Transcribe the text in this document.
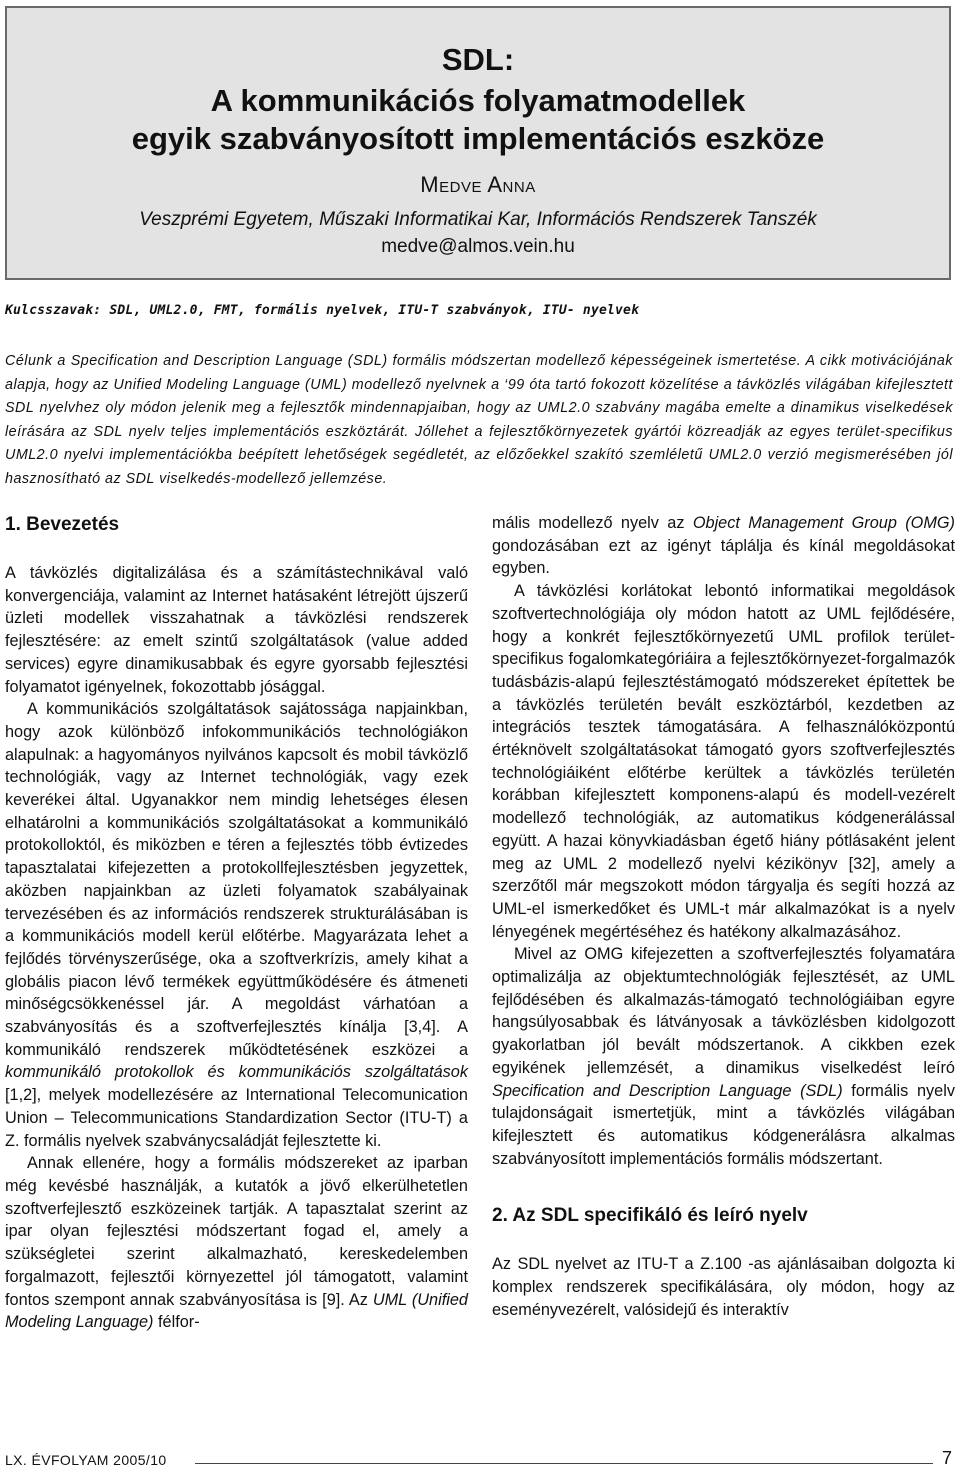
SDL:
A kommunikációs folyamatmodellek
egyik szabványosított implementációs eszköze
Medve Anna
Veszprémi Egyetem, Műszaki Informatikai Kar, Információs Rendszerek Tanszék
medve@almos.vein.hu
Kulcsszavak: SDL, UML2.0, FMT, formális nyelvek, ITU-T szabványok, ITU- nyelvek
Célunk a Specification and Description Language (SDL) formális módszertan modellező képességeinek ismertetése. A cikk motivációjának alapja, hogy az Unified Modeling Language (UML) modellező nyelvnek a ‘99 óta tartó fokozott közelítése a távközlés világában kifejlesztett SDL nyelvhez oly módon jelenik meg a fejlesztők mindennapjaiban, hogy az UML2.0 szabvány magába emelte a dinamikus viselkedések leírására az SDL nyelv teljes implementációs eszköztárát. Jóllehet a fejlesztőkörnyezetek gyártói közreadják az egyes terület-specifikus UML2.0 nyelvi implementációkba beépített lehetőségek segédletét, az előzőekkel szakító szemléletű UML2.0 verzió megismerésében jól hasznosítható az SDL viselkedés-modellező jellemzése.
1. Bevezetés

A távközlés digitalizálása és a számítástechnikával való konvergenciája, valamint az Internet hatásaként létrejött újszerű üzleti modellek visszahatnak a távközlési rendszerek fejlesztésére: az emelt szintű szolgáltatások (value added services) egyre dinamikusabbak és egyre gyorsabb fejlesztési folyamatot igényelnek, fokozottabb jósággal.

A kommunikációs szolgáltatások sajátossága napjainkban, hogy azok különböző infokommunikációs technológiákon alapulnak: a hagyományos nyilvános kapcsolt és mobil távközlő technológiák, vagy az Internet technológiák, vagy ezek keverékei által. Ugyanakkor nem mindig lehetséges élesen elhatárolni a kommunikációs szolgáltatásokat a kommunikáló protokolloktól, és miközben e téren a fejlesztés több évtizedes tapasztalatai kifejezetten a protokollfejlesztésben jegyzettek, aközben napjainkban az üzleti folyamatok szabályainak tervezésében és az információs rendszerek strukturálásában is a kommunikációs modell kerül előtérbe. Magyarázata lehet a fejlődés törvényszerűsége, oka a szoftverkrízis, amely kihat a globális piacon lévő termékek együttműködésére és átmeneti minőségcsökkenéssel jár. A megoldást várhatóan a szabványosítás és a szoftverfejlesztés kínálja [3,4]. A kommunikáló rendszerek működtetésének eszközei a kommunikáló protokollok és kommunikációs szolgáltatások [1,2], melyek modellezésére az International Telecomunication Union – Telecommunications Standardization Sector (ITU-T) a Z. formális nyelvek szabványcsaládját fejlesztette ki.

Annak ellenére, hogy a formális módszereket az iparban még kevésbé használják, a kutatók a jövő elkerülhetetlen szoftverfejlesztő eszközeinek tartják. A tapasztalat szerint az ipar olyan fejlesztési módszertant fogad el, amely a szükségletei szerint alkalmazható, kereskedelemben forgalmazott, fejlesztői környezettel jól támogatott, valamint fontos szempont annak szabványosítása is [9]. Az UML (Unified Modeling Language) félfor-

mális modellező nyelv az Object Management Group (OMG) gondozásában ezt az igényt táplálja és kínál megoldásokat egyben.

A távközlési korlátokat lebontó informatikai megoldások szoftvertechnológiája oly módon hatott az UML fejlődésére, hogy a konkrét fejlesztőkörnyezetű UML profilok terület-specifikus fogalomkategóriáira a fejlesztőkörnyezet-forgalmazók tudásbázis-alapú fejlesztéstámogató módszereket építettek be a távközlés területén bevált eszköztárból, kezdetben az integrációs tesztek támogatására. A felhasználóközpontú értéknövelt szolgáltatásokat támogató gyors szoftverfejlesztés technológiáiként előtérbe kerültek a távközlés területén korábban kifejlesztett komponens-alapú és modell-vezérelt modellező technológiák, az automatikus kódgenerálással együtt. A hazai könyvkiadásban égető hiány pótlásaként jelent meg az UML 2 modellező nyelvi kézikönyv [32], amely a szerzőtől már megszokott módon tárgyalja és segíti hozzá az UML-el ismerkedőket és UML-t már alkalmazókat is a nyelv lényegének megértéséhez és hatékony alkalmazásához.

Mivel az OMG kifejezetten a szoftverfejlesztés folyamatára optimalizálja az objektumtechnológiák fejlesztését, az UML fejlődésében és alkalmazás-támogató technológiáiban egyre hangsúlyosabbak és látványosak a távközlésben kidolgozott gyakorlatban jól bevált módszertanok. A cikkben ezek egyikének jellemzését, a dinamikus viselkedést leíró Specification and Description Language (SDL) formális nyelv tulajdonságait ismertetjük, mint a távközlés világában kifejlesztett és automatikus kódgenerálásra alkalmas szabványosított implementációs formális módszertant.

2. Az SDL specifikáló és leíró nyelv

Az SDL nyelvet az ITU-T a Z.100 -as ajánlásaiban dolgozta ki komplex rendszerek specifikálására, oly módon, hogy az eseményvezérelt, valósidejű és interaktív

LX. ÉVFOLYAM 2005/10	7
